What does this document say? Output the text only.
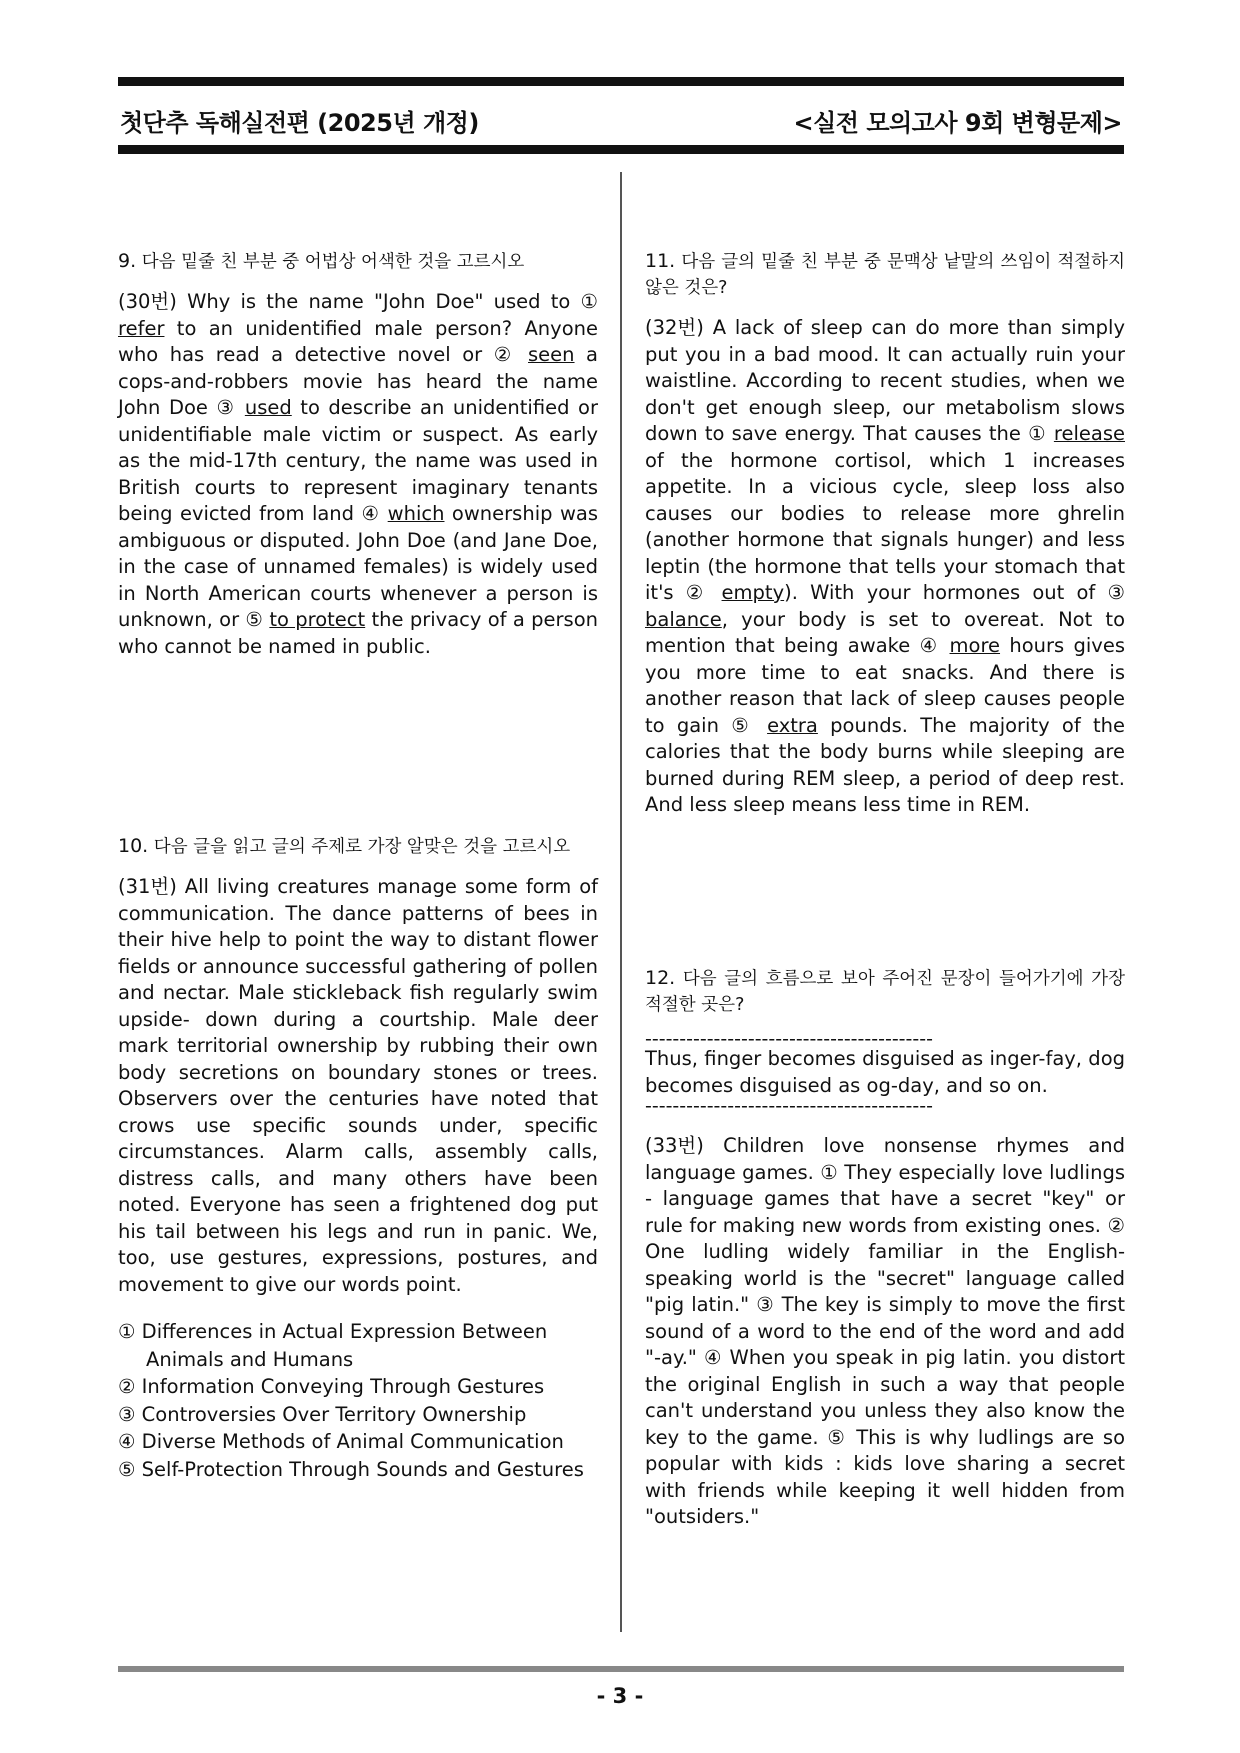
첫단추 독해실전편 (2025년 개정)	<실전 모의고사 9회 변형문제>

9. 다음 밑줄 친 부분 중 어법상 어색한 것을 고르시오

(30번) Why is the name "John Doe" used to ① refer to an unidentified male person? Anyone who has read a detective novel or ② seen a cops-and-robbers movie has heard the name John Doe ③ used to describe an unidentified or unidentifiable male victim or suspect. As early as the mid-17th century, the name was used in British courts to represent imaginary tenants being evicted from land ④ which ownership was ambiguous or disputed. John Doe (and Jane Doe, in the case of unnamed females) is widely used in North American courts whenever a person is unknown, or ⑤ to protect the privacy of a person who cannot be named in public.

10. 다음 글을 읽고 글의 주제로 가장 알맞은 것을 고르시오

(31번) All living creatures manage some form of communication. The dance patterns of bees in their hive help to point the way to distant flower fields or announce successful gathering of pollen and nectar. Male stickleback fish regularly swim upside- down during a courtship. Male deer mark territorial ownership by rubbing their own body secretions on boundary stones or trees. Observers over the centuries have noted that crows use specific sounds under, specific circumstances. Alarm calls, assembly calls, distress calls, and many others have been noted. Everyone has seen a frightened dog put his tail between his legs and run in panic. We, too, use gestures, expressions, postures, and movement to give our words point.

① Differences in Actual Expression Between Animals and Humans
② Information Conveying Through Gestures
③ Controversies Over Territory Ownership
④ Diverse Methods of Animal Communication
⑤ Self-Protection Through Sounds and Gestures

11. 다음 글의 밑줄 친 부분 중 문맥상 낱말의 쓰임이 적절하지 않은 것은?

(32번) A lack of sleep can do more than simply put you in a bad mood. It can actually ruin your waistline. According to recent studies, when we don't get enough sleep, our metabolism slows down to save energy. That causes the ① release of the hormone cortisol, which 1 increases appetite. In a vicious cycle, sleep loss also causes our bodies to release more ghrelin (another hormone that signals hunger) and less leptin (the hormone that tells your stomach that it's ② empty). With your hormones out of ③ balance, your body is set to overeat. Not to mention that being awake ④ more hours gives you more time to eat snacks. And there is another reason that lack of sleep causes people to gain ⑤ extra pounds. The majority of the calories that the body burns while sleeping are burned during REM sleep, a period of deep rest. And less sleep means less time in REM.

12. 다음 글의 흐름으로 보아 주어진 문장이 들어가기에 가장 적절한 곳은?

------------------------------------------

Thus, finger becomes disguised as inger-fay, dog becomes disguised as og-day, and so on.

------------------------------------------

(33번) Children love nonsense rhymes and language games. ① They especially love ludlings - language games that have a secret "key" or rule for making new words from existing ones. ② One ludling widely familiar in the English-speaking world is the "secret" language called "pig latin." ③ The key is simply to move the first sound of a word to the end of the word and add "-ay." ④ When you speak in pig latin. you distort the original English in such a way that people can't understand you unless they also know the key to the game. ⑤ This is why ludlings are so popular with kids : kids love sharing a secret with friends while keeping it well hidden from "outsiders."

- 3 -
